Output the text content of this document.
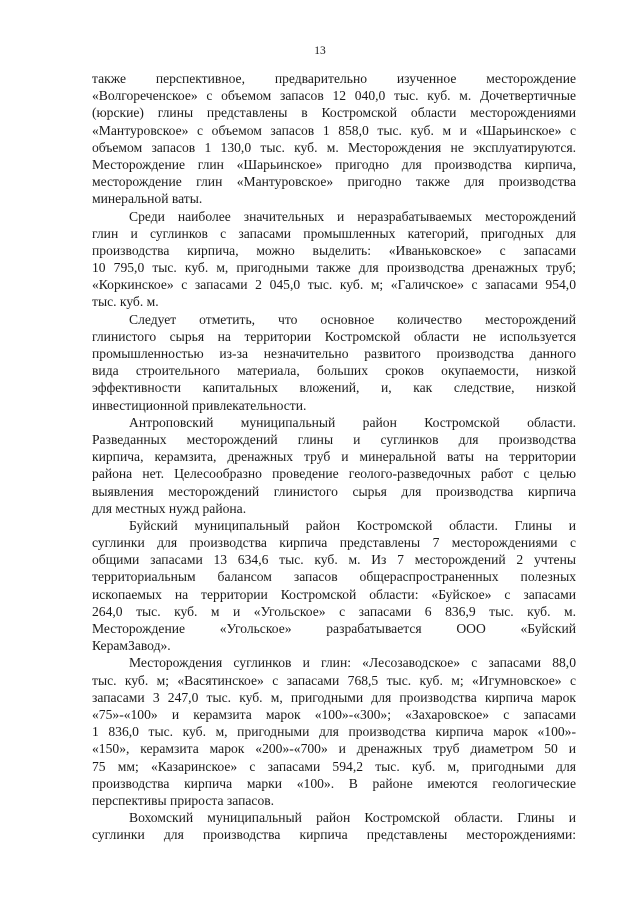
13
также перспективное, предварительно изученное месторождение
«Волгореченское» с объемом запасов 12 040,0 тыс. куб. м. Дочетвертичные
(юрские) глины представлены в Костромской области месторождениями
«Мантуровское» с объемом запасов 1 858,0 тыс. куб. м и «Шарьинское» с
объемом запасов 1 130,0 тыс. куб. м. Месторождения не эксплуатируются.
Месторождение глин «Шарьинское» пригодно для производства кирпича,
месторождение глин «Мантуровское» пригодно также для производства
минеральной ваты.
Среди наиболее значительных и неразрабатываемых месторождений
глин и суглинков с запасами промышленных категорий, пригодных для
производства кирпича, можно выделить: «Иваньковское» с запасами
10 795,0 тыс. куб. м, пригодными также для производства дренажных труб;
«Коркинское» с запасами 2 045,0 тыс. куб. м; «Галичское» с запасами 954,0
тыс. куб. м.
Следует отметить, что основное количество месторождений
глинистого сырья на территории Костромской области не используется
промышленностью из-за незначительно развитого производства данного
вида строительного материала, больших сроков окупаемости, низкой
эффективности капитальных вложений, и, как следствие, низкой
инвестиционной привлекательности.
Антроповский муниципальный район Костромской области.
Разведанных месторождений глины и суглинков для производства
кирпича, керамзита, дренажных труб и минеральной ваты на территории
района нет. Целесообразно проведение геолого-разведочных работ с целью
выявления месторождений глинистого сырья для производства кирпича
для местных нужд района.
Буйский муниципальный район Костромской области. Глины и
суглинки для производства кирпича представлены 7 месторождениями с
общими запасами 13 634,6 тыс. куб. м. Из 7 месторождений 2 учтены
территориальным балансом запасов общераспространенных полезных
ископаемых на территории Костромской области: «Буйское» с запасами
264,0 тыс. куб. м и «Угольское» с запасами 6 836,9 тыс. куб. м.
Месторождение «Угольское» разрабатывается ООО «Буйский
КерамЗавод».
Месторождения суглинков и глин: «Лесозаводское» с запасами 88,0
тыс. куб. м; «Васятинское» с запасами 768,5 тыс. куб. м; «Игумновское» с
запасами 3 247,0 тыс. куб. м, пригодными для производства кирпича марок
«75»-«100» и керамзита марок «100»-«300»; «Захаровское» с запасами
1 836,0 тыс. куб. м, пригодными для производства кирпича марок «100»-
«150», керамзита марок «200»-«700» и дренажных труб диаметром 50 и
75 мм; «Казаринское» с запасами 594,2 тыс. куб. м, пригодными для
производства кирпича марки «100». В районе имеются геологические
перспективы прироста запасов.
Вохомский муниципальный район Костромской области. Глины и
суглинки для производства кирпича представлены месторождениями:
